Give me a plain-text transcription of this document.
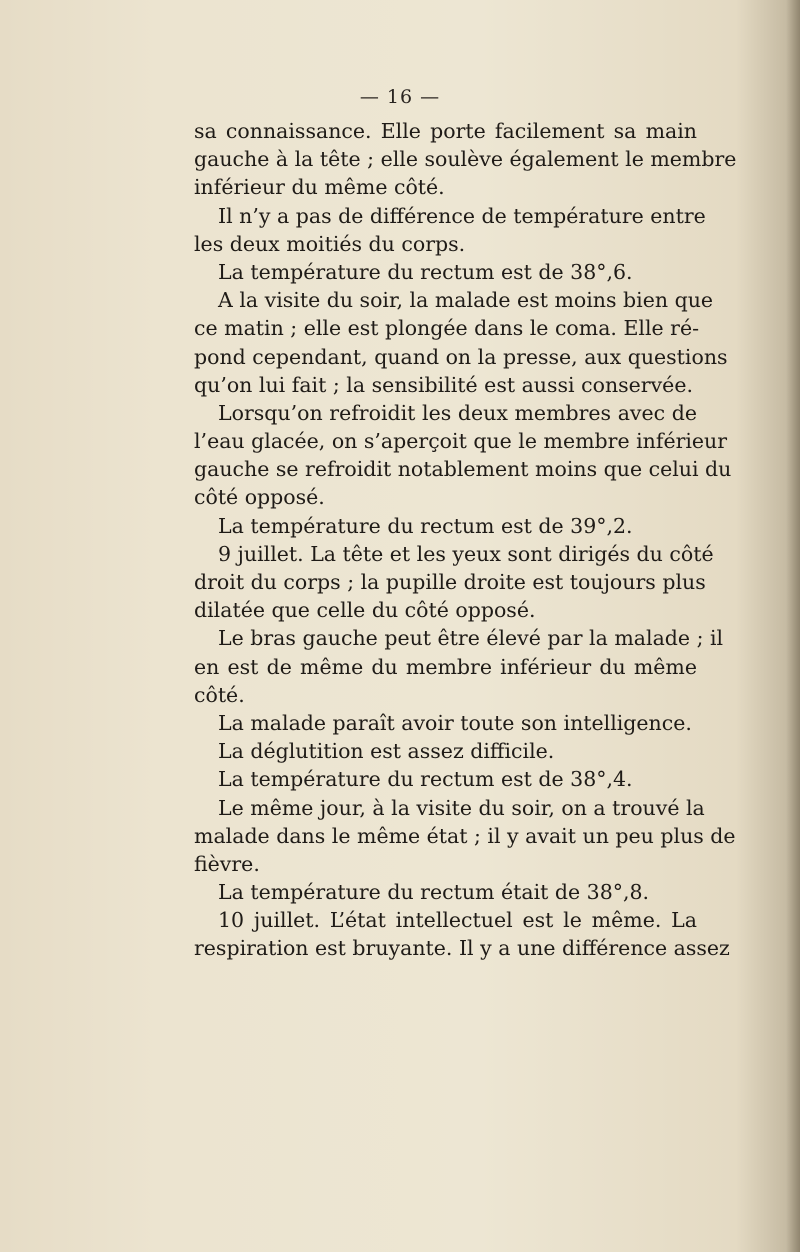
— 16 —
sa connaissance. Elle porte facilement sa main
gauche à la tête ; elle soulève également le membre
inférieur du même côté.
Il n’y a pas de différence de température entre
les deux moitiés du corps.
La température du rectum est de 38°,6.
A la visite du soir, la malade est moins bien que
ce matin ; elle est plongée dans le coma. Elle ré-
pond cependant, quand on la presse, aux questions
qu’on lui fait ; la sensibilité est aussi conservée.
Lorsqu’on refroidit les deux membres avec de
l’eau glacée, on s’aperçoit que le membre inférieur
gauche se refroidit notablement moins que celui du
côté opposé.
La température du rectum est de 39°,2.
9 juillet. La tête et les yeux sont dirigés du côté
droit du corps ; la pupille droite est toujours plus
dilatée que celle du côté opposé.
Le bras gauche peut être élevé par la malade ; il
en est de même du membre inférieur du même
côté.
La malade paraît avoir toute son intelligence.
La déglutition est assez difficile.
La température du rectum est de 38°,4.
Le même jour, à la visite du soir, on a trouvé la
malade dans le même état ; il y avait un peu plus de
fièvre.
La température du rectum était de 38°,8.
10 juillet. L’état intellectuel est le même. La
respiration est bruyante. Il y a une différence assez
